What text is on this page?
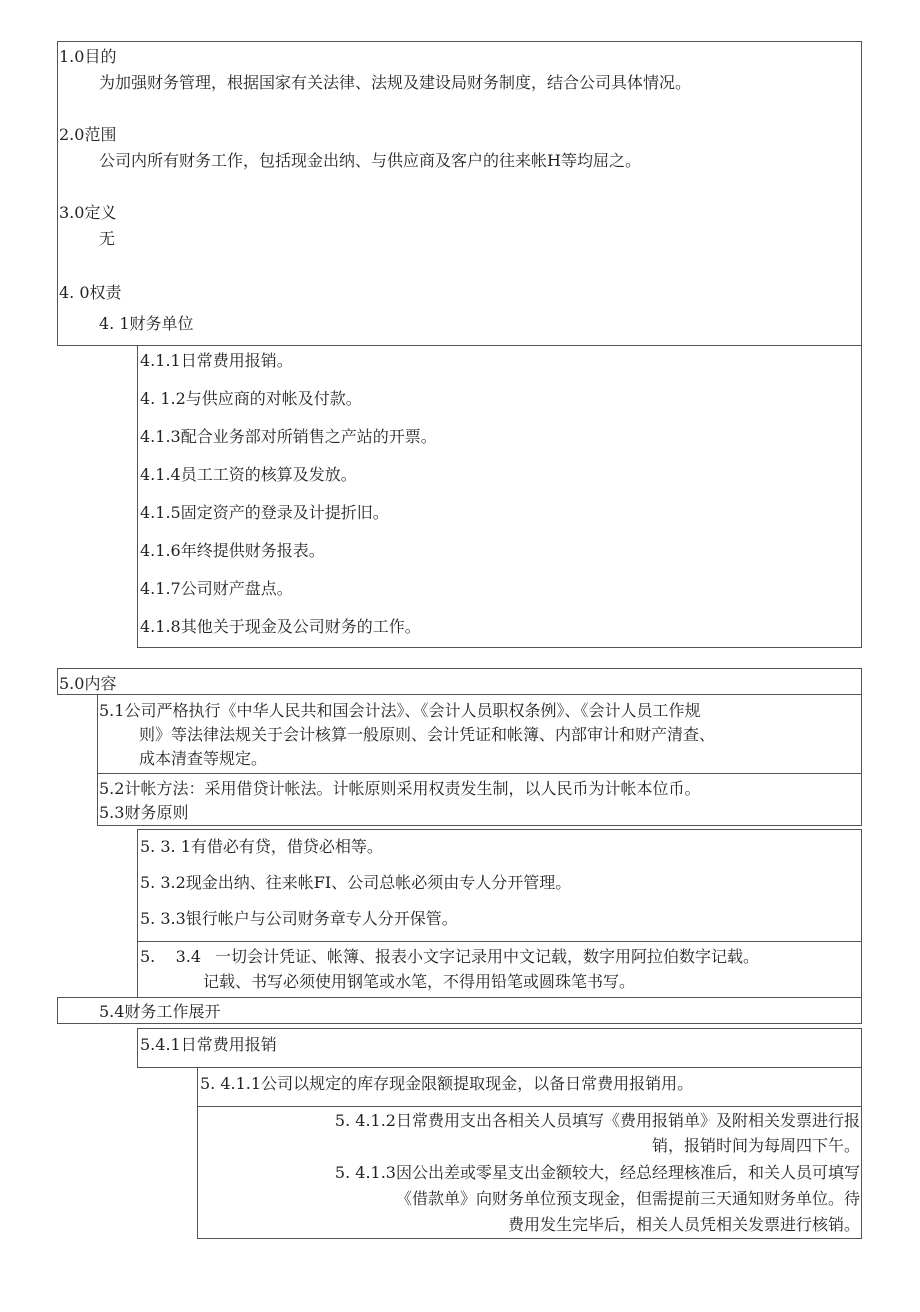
1.0目的
为加强财务管理，根据国家有关法律、法规及建设局财务制度，结合公司具体情况。
2.0范围
公司内所有财务工作，包括现金出纳、与供应商及客户的往来帐H等均屈之。
3.0定义
无
4. 0权责
4. 1财务单位
4.1.1日常费用报销。
4. 1.2与供应商的对帐及付款。
4.1.3配合业务部对所销售之产站的开票。
4.1.4员工工资的核算及发放。
4.1.5固定资产的登录及计提折旧。
4.1.6年终提供财务报表。
4.1.7公司财产盘点。
4.1.8其他关于现金及公司财务的工作。
5.0内容
5.1公司严格执行《中华人民共和国会计法》、《会计人员职权条例》、《会计人员工作规
则》等法律法规关于会计核算一般原则、会计凭证和帐簿、内部审计和财产清查、
成本清查等规定。
5.2计帐方法：采用借贷计帐法。计帐原则采用权责发生制，以人民币为计帐本位币。
5.3财务原则
5. 3. 1有借必有贷，借贷必相等。
5. 3.2现金出纳、往来帐FI、公司总帐必须由专人分开管理。
5. 3.3银行帐户与公司财务章专人分开保管。
5.    3.4 一切会计凭证、帐簿、报表小文字记录用中文记载，数字用阿拉伯数字记载。
记载、书写必须使用钢笔或水笔，不得用铅笔或圆珠笔书写。
5.4财务工作展开
5.4.1日常费用报销
5. 4.1.1公司以规定的库存现金限额提取现金，以备日常费用报销用。
5. 4.1.2日常费用支出各相关人员填写《费用报销单》及附相关发票进行报
销，报销时间为每周四下午。
5. 4.1.3因公出差或零星支出金额较大，经总经理核准后，和关人员可填写
《借款单》向财务单位预支现金，但需提前三天通知财务单位。待
费用发生完毕后，相关人员凭相关发票进行核销。
